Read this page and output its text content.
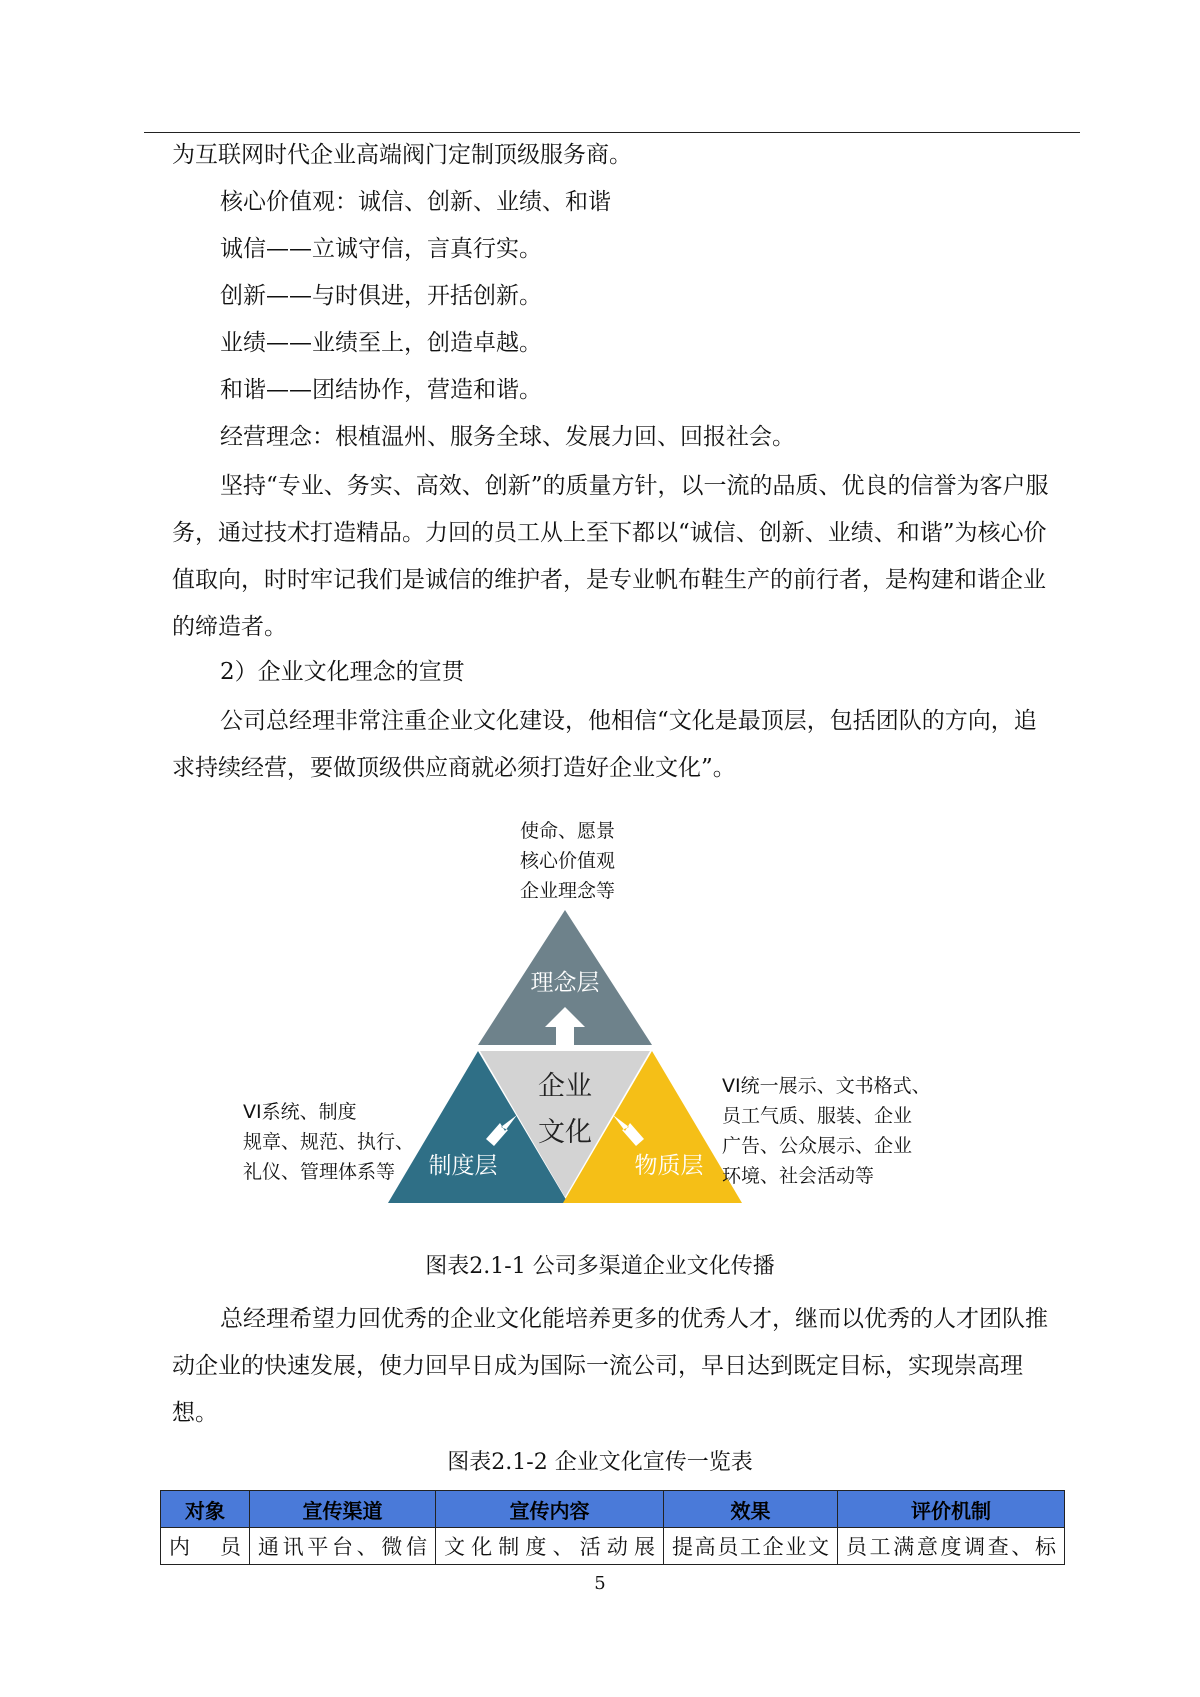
为互联网时代企业高端阀门定制顶级服务商。
核心价值观：诚信、创新、业绩、和谐
诚信——立诚守信，言真行实。
创新——与时俱进，开括创新。
业绩——业绩至上，创造卓越。
和谐——团结协作，营造和谐。
经营理念：根植温州、服务全球、发展力回、回报社会。

坚持“专业、务实、高效、创新”的质量方针，以一流的品质、优良的信誉为客户服务，通过技术打造精品。力回的员工从上至下都以“诚信、创新、业绩、和谐”为核心价值取向，时时牢记我们是诚信的维护者，是专业帆布鞋生产的前行者，是构建和谐企业的缔造者。

2）企业文化理念的宣贯

公司总经理非常注重企业文化建设，他相信“文化是最顶层，包括团队的方向，追求持续经营，要做顶级供应商就必须打造好企业文化”。

使命、愿景
核心价值观
企业理念等
理念层
制度层	物质层
企业
文化
VI系统、制度
规章、规范、执行、
礼仪、管理体系等
VI统一展示、文书格式、
员工气质、服装、企业
广告、公众展示、企业
环境、社会活动等
图表2.1-1 公司多渠道企业文化传播

总经理希望力回优秀的企业文化能培养更多的优秀人才，继而以优秀的人才团队推动企业的快速发展，使力回早日成为国际一流公司，早日达到既定目标，实现崇高理想。

图表2.1-2 企业文化宣传一览表
对象	宣传渠道	宣传内容	效果	评价机制
内员	通讯平台、微信	文化制度、活动展	提高员工企业文	员工满意度调查、标
5
